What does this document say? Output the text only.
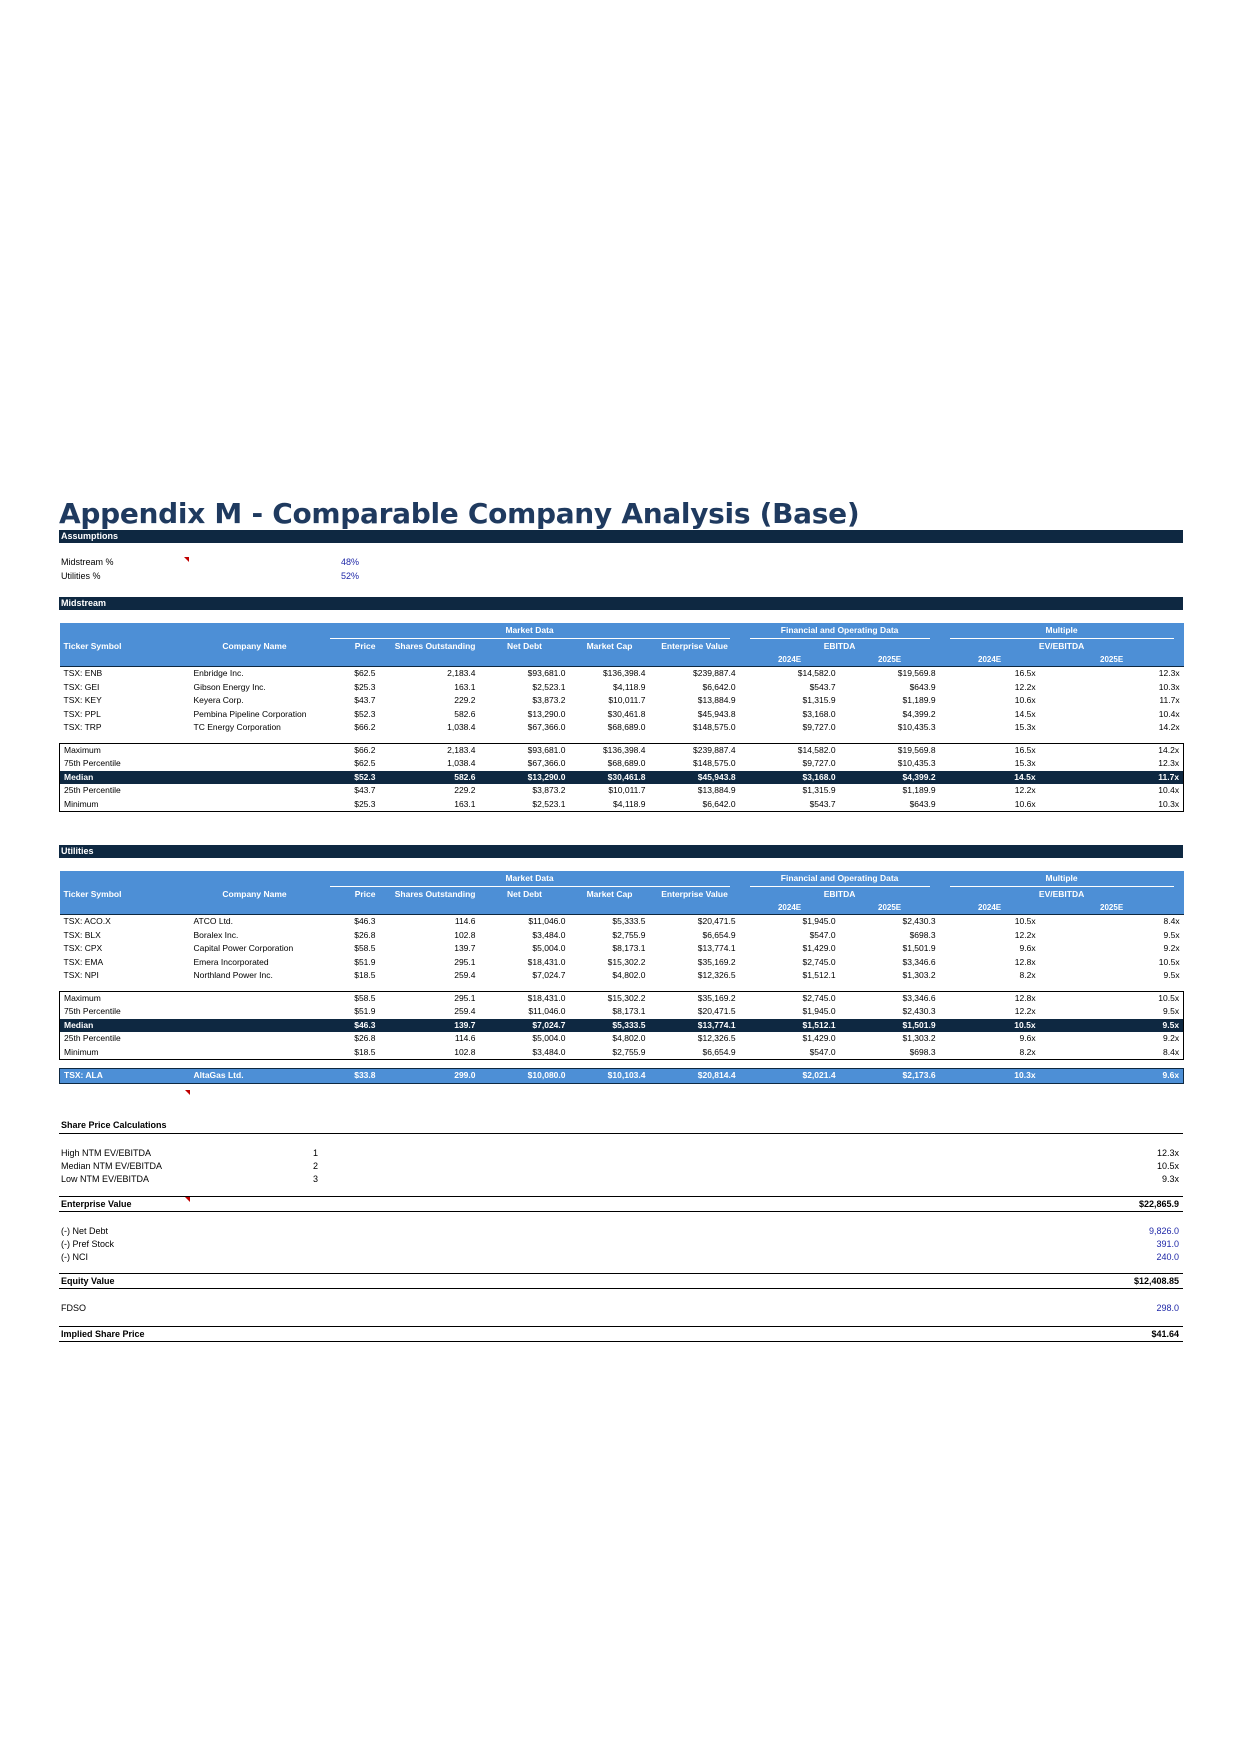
Appendix M - Comparable Company Analysis (Base)
Assumptions
Midstream %	48%
Utilities %	52%
Midstream

		Market Data					Financial and Operating Data		Multiple	

Ticker Symbol	Company Name	Price	Shares Outstanding	Net Debt	Market Cap	Enterprise Value	EBITDA		EV/EBITDA	
							2024E	2025E	2024E	2025E
TSX: ENB	Enbridge Inc.	$62.5	2,183.4	$93,681.0	$136,398.4	$239,887.4	$14,582.0	$19,569.8	16.5x	12.3x
TSX: GEI	Gibson Energy Inc.	$25.3	163.1	$2,523.1	$4,118.9	$6,642.0	$543.7	$643.9	12.2x	10.3x
TSX: KEY	Keyera Corp.	$43.7	229.2	$3,873.2	$10,011.7	$13,884.9	$1,315.9	$1,189.9	10.6x	11.7x
TSX: PPL	Pembina Pipeline Corporation	$52.3	582.6	$13,290.0	$30,461.8	$45,943.8	$3,168.0	$4,399.2	14.5x	10.4x
TSX: TRP	TC Energy Corporation	$66.2	1,038.4	$67,366.0	$68,689.0	$148,575.0	$9,727.0	$10,435.3	15.3x	14.2x

Maximum		$66.2	2,183.4	$93,681.0	$136,398.4	$239,887.4	$14,582.0	$19,569.8	16.5x	14.2x
75th Percentile		$62.5	1,038.4	$67,366.0	$68,689.0	$148,575.0	$9,727.0	$10,435.3	15.3x	12.3x
Median		$52.3	582.6	$13,290.0	$30,461.8	$45,943.8	$3,168.0	$4,399.2	14.5x	11.7x
25th Percentile		$43.7	229.2	$3,873.2	$10,011.7	$13,884.9	$1,315.9	$1,189.9	12.2x	10.4x
Minimum		$25.3	163.1	$2,523.1	$4,118.9	$6,642.0	$543.7	$643.9	10.6x	10.3x
Utilities

		Market Data					Financial and Operating Data		Multiple	

Ticker Symbol	Company Name	Price	Shares Outstanding	Net Debt	Market Cap	Enterprise Value	EBITDA		EV/EBITDA	
							2024E	2025E	2024E	2025E
TSX: ACO.X	ATCO Ltd.	$46.3	114.6	$11,046.0	$5,333.5	$20,471.5	$1,945.0	$2,430.3	10.5x	8.4x
TSX: BLX	Boralex Inc.	$26.8	102.8	$3,484.0	$2,755.9	$6,654.9	$547.0	$698.3	12.2x	9.5x
TSX: CPX	Capital Power Corporation	$58.5	139.7	$5,004.0	$8,173.1	$13,774.1	$1,429.0	$1,501.9	9.6x	9.2x
TSX: EMA	Emera Incorporated	$51.9	295.1	$18,431.0	$15,302.2	$35,169.2	$2,745.0	$3,346.6	12.8x	10.5x
TSX: NPI	Northland Power Inc.	$18.5	259.4	$7,024.7	$4,802.0	$12,326.5	$1,512.1	$1,303.2	8.2x	9.5x

Maximum		$58.5	295.1	$18,431.0	$15,302.2	$35,169.2	$2,745.0	$3,346.6	12.8x	10.5x
75th Percentile		$51.9	259.4	$11,046.0	$8,173.1	$20,471.5	$1,945.0	$2,430.3	12.2x	9.5x
Median		$46.3	139.7	$7,024.7	$5,333.5	$13,774.1	$1,512.1	$1,501.9	10.5x	9.5x
25th Percentile		$26.8	114.6	$5,004.0	$4,802.0	$12,326.5	$1,429.0	$1,303.2	9.6x	9.2x
Minimum		$18.5	102.8	$3,484.0	$2,755.9	$6,654.9	$547.0	$698.3	8.2x	8.4x

TSX: ALA	AltaGas Ltd.	$33.8	299.0	$10,080.0	$10,103.4	$20,814.4	$2,021.4	$2,173.6	10.3x	9.6x
Share Price Calculations
High NTM EV/EBITDA	1	12.3x
Median NTM EV/EBITDA	2	10.5x
Low NTM EV/EBITDA	3	9.3x
Enterprise Value	$22,865.9
(-) Net Debt	9,826.0
(-) Pref Stock	391.0
(-) NCI	240.0
Equity Value	$12,408.85
FDSO	298.0
Implied Share Price	$41.64
